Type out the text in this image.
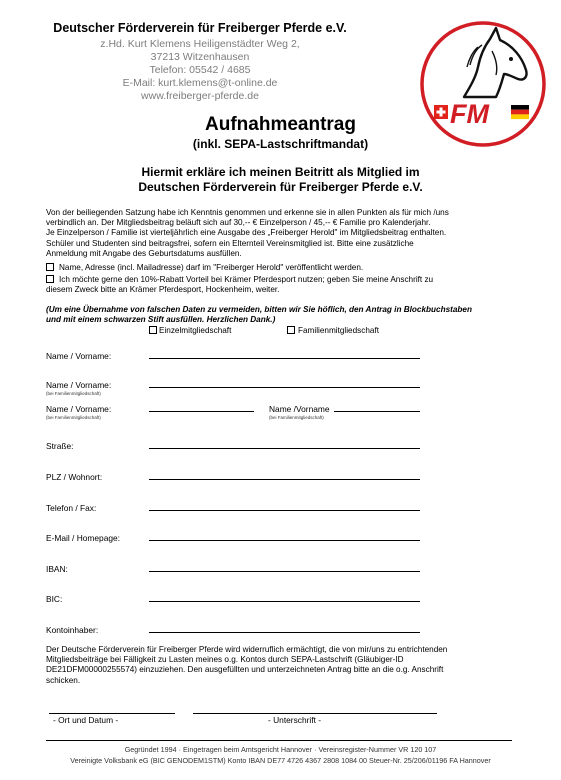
Deutscher Förderverein für Freiberger Pferde e.V.
z.Hd. Kurt Klemens Heiligenstädter Weg 2,
37213 Witzenhausen
Telefon: 05542 / 4685
E-Mail: kurt.klemens@t-online.de
www.freiberger-pferde.de
FM
Aufnahmeantrag
(inkl. SEPA-Lastschriftmandat)
Hiermit erkläre ich meinen Beitritt als Mitglied im
Deutschen Förderverein für Freiberger Pferde e.V.
Von der beiliegenden Satzung habe ich Kenntnis genommen und erkenne sie in allen Punkten als für mich /uns
verbindlich an. Der Mitgliedsbeitrag beläuft sich auf 30,-- € Einzelperson / 45,-- € Familie pro Kalenderjahr.
Je Einzelperson / Familie ist vierteljährlich eine Ausgabe des „Freiberger Herold" im Mitgliedsbeitrag enthalten.
Schüler und Studenten sind beitragsfrei, sofern ein Elternteil Vereinsmitglied ist. Bitte eine zusätzliche
Anmeldung mit Angabe des Geburtsdatums ausfüllen.
Name, Adresse (incl. Mailadresse) darf im "Freiberger Herold" veröffentlicht werden.
Ich möchte gerne den 10%-Rabatt Vorteil bei Krämer Pferdesport nutzen; geben Sie meine Anschrift zu
diesem Zweck bitte an Krämer Pferdesport, Hockenheim, weiter.
(Um eine Übernahme von falschen Daten zu vermeiden, bitten wir Sie höflich, den Antrag in Blockbuchstaben
und mit einem schwarzen Stift ausfüllen. Herzlichen Dank.)
Einzelmitgliedschaft	Familienmitgliedschaft
Name / Vorname:
Name / Vorname:
(bei Familienmitgliedschaft)
Name / Vorname:
(bei Familienmitgliedschaft)
Name /Vorname
(bei Familienmitgliedschaft)
Straße:
PLZ / Wohnort:
Telefon / Fax:
E-Mail / Homepage:
IBAN:
BIC:
Kontoinhaber:
Der Deutsche Förderverein für Freiberger Pferde wird widerruflich ermächtigt, die von mir/uns zu entrichtenden
Mitgliedsbeiträge bei Fälligkeit zu Lasten meines o.g. Kontos durch SEPA-Lastschrift (Gläubiger-ID
DE21DFM00000255574) einzuziehen. Den ausgefüllten und unterzeichneten Antrag bitte an die o.g. Anschrift
schicken.
- Ort und Datum -	- Unterschrift -
Gegründet 1994 · Eingetragen beim Amtsgericht Hannover · Vereinsregister-Nummer VR 120 107
Vereinigte Volksbank eG (BIC GENODEM1STM) Konto IBAN DE77 4726 4367 2808 1084 00 Steuer-Nr. 25/206/01196 FA Hannover
